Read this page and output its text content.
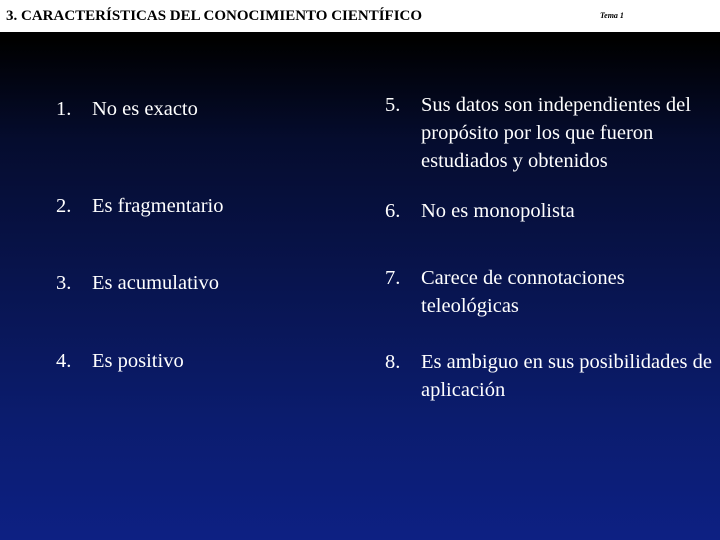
3. CARACTERÍSTICAS DEL CONOCIMIENTO CIENTÍFICO	Tema 1
1.	No es exacto
2.	Es fragmentario
3.	Es acumulativo
4.	Es positivo
5.	Sus datos son independientes del propósito por los que fueron estudiados y obtenidos
6.	No es monopolista
7.	Carece de connotaciones teleológicas
8.	Es ambiguo en sus posibilidades de aplicación
